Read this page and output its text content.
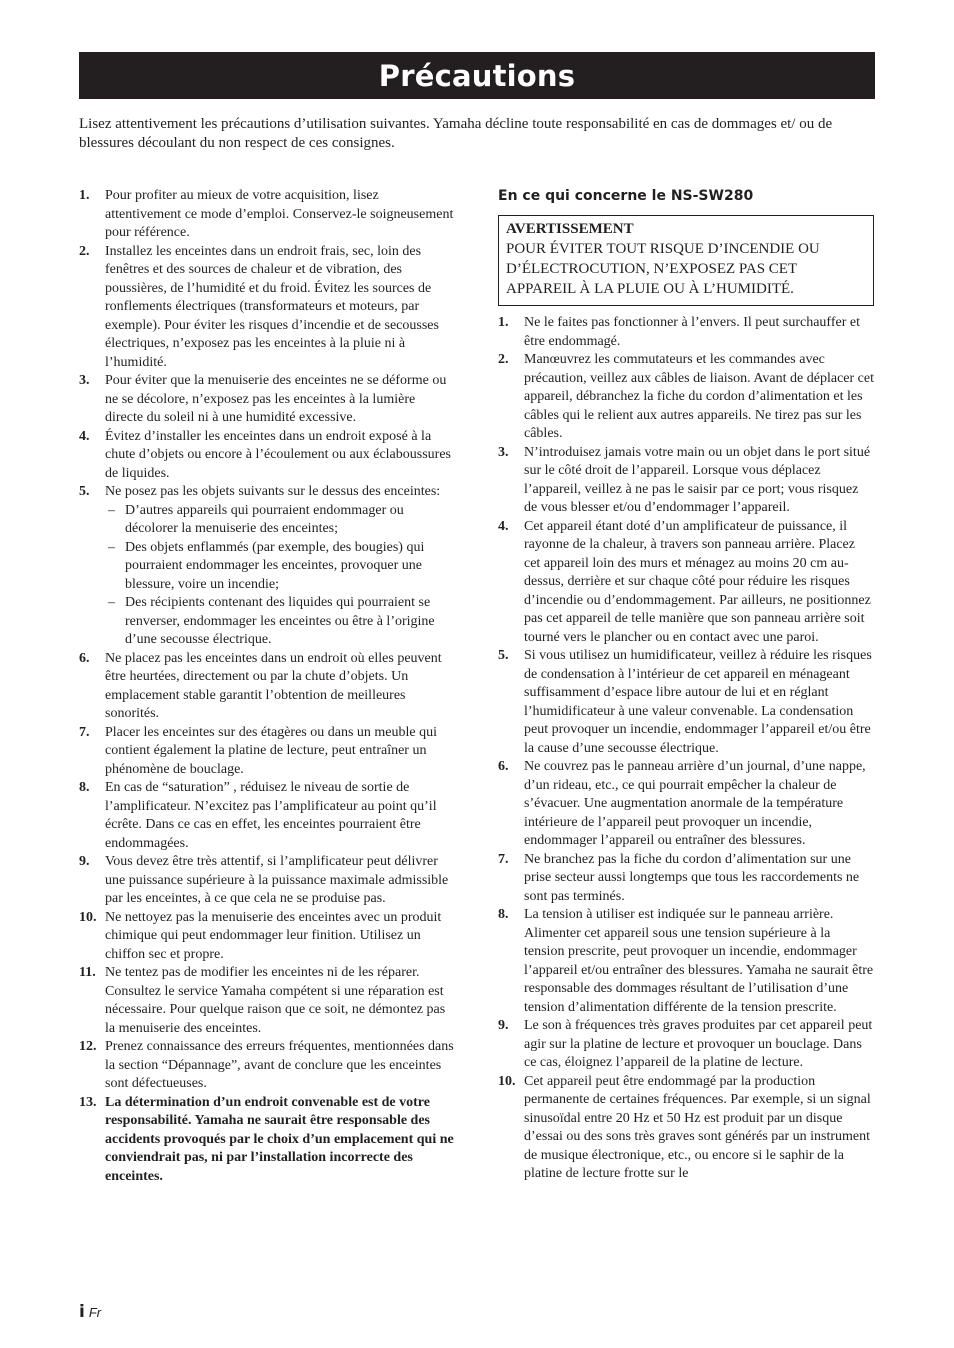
Précautions

Lisez attentivement les précautions d’utilisation suivantes. Yamaha décline toute responsabilité en cas de dommages et/ ou de blessures découlant du non respect de ces consignes.

1. Pour profiter au mieux de votre acquisition, lisez attentivement ce mode d’emploi. Conservez-le soigneusement pour référence.
2. Installez les enceintes dans un endroit frais, sec, loin des fenêtres et des sources de chaleur et de vibration, des poussières, de l’humidité et du froid. Évitez les sources de ronflements électriques (transformateurs et moteurs, par exemple). Pour éviter les risques d’incendie et de secousses électriques, n’exposez pas les enceintes à la pluie ni à l’humidité.
3. Pour éviter que la menuiserie des enceintes ne se déforme ou ne se décolore, n’exposez pas les enceintes à la lumière directe du soleil ni à une humidité excessive.
4. Évitez d’installer les enceintes dans un endroit exposé à la chute d’objets ou encore à l’écoulement ou aux éclaboussures de liquides.
5. Ne posez pas les objets suivants sur le dessus des enceintes:
– D’autres appareils qui pourraient endommager ou décolorer la menuiserie des enceintes;
– Des objets enflammés (par exemple, des bougies) qui pourraient endommager les enceintes, provoquer une blessure, voire un incendie;
– Des récipients contenant des liquides qui pourraient se renverser, endommager les enceintes ou être à l’origine d’une secousse électrique.
6. Ne placez pas les enceintes dans un endroit où elles peuvent être heurtées, directement ou par la chute d’objets. Un emplacement stable garantit l’obtention de meilleures sonorités.
7. Placer les enceintes sur des étagères ou dans un meuble qui contient également la platine de lecture, peut entraîner un phénomène de bouclage.
8. En cas de “saturation” , réduisez le niveau de sortie de l’amplificateur. N’excitez pas l’amplificateur au point qu’il écrête. Dans ce cas en effet, les enceintes pourraient être endommagées.
9. Vous devez être très attentif, si l’amplificateur peut délivrer une puissance supérieure à la puissance maximale admissible par les enceintes, à ce que cela ne se produise pas.
10. Ne nettoyez pas la menuiserie des enceintes avec un produit chimique qui peut endommager leur finition. Utilisez un chiffon sec et propre.
11. Ne tentez pas de modifier les enceintes ni de les réparer. Consultez le service Yamaha compétent si une réparation est nécessaire. Pour quelque raison que ce soit, ne démontez pas la menuiserie des enceintes.
12. Prenez connaissance des erreurs fréquentes, mentionnées dans la section “Dépannage”, avant de conclure que les enceintes sont défectueuses.
13. La détermination d’un endroit convenable est de votre responsabilité. Yamaha ne saurait être responsable des accidents provoqués par le choix d’un emplacement qui ne conviendrait pas, ni par l’installation incorrecte des enceintes.
En ce qui concerne le NS-SW280
AVERTISSEMENT
POUR ÉVITER TOUT RISQUE D’INCENDIE OU D’ÉLECTROCUTION, N’EXPOSEZ PAS CET APPAREIL À LA PLUIE OU À L’HUMIDITÉ.
1. Ne le faites pas fonctionner à l’envers. Il peut surchauffer et être endommagé.
2. Manœuvrez les commutateurs et les commandes avec précaution, veillez aux câbles de liaison. Avant de déplacer cet appareil, débranchez la fiche du cordon d’alimentation et les câbles qui le relient aux autres appareils. Ne tirez pas sur les câbles.
3. N’introduisez jamais votre main ou un objet dans le port situé sur le côté droit de l’appareil. Lorsque vous déplacez l’appareil, veillez à ne pas le saisir par ce port; vous risquez de vous blesser et/ou d’endommager l’appareil.
4. Cet appareil étant doté d’un amplificateur de puissance, il rayonne de la chaleur, à travers son panneau arrière. Placez cet appareil loin des murs et ménagez au moins 20 cm au-dessus, derrière et sur chaque côté pour réduire les risques d’incendie ou d’endommagement. Par ailleurs, ne positionnez pas cet appareil de telle manière que son panneau arrière soit tourné vers le plancher ou en contact avec une paroi.
5. Si vous utilisez un humidificateur, veillez à réduire les risques de condensation à l’intérieur de cet appareil en ménageant suffisamment d’espace libre autour de lui et en réglant l’humidificateur à une valeur convenable. La condensation peut provoquer un incendie, endommager l’appareil et/ou être la cause d’une secousse électrique.
6. Ne couvrez pas le panneau arrière d’un journal, d’une nappe, d’un rideau, etc., ce qui pourrait empêcher la chaleur de s’évacuer. Une augmentation anormale de la température intérieure de l’appareil peut provoquer un incendie, endommager l’appareil ou entraîner des blessures.
7. Ne branchez pas la fiche du cordon d’alimentation sur une prise secteur aussi longtemps que tous les raccordements ne sont pas terminés.
8. La tension à utiliser est indiquée sur le panneau arrière. Alimenter cet appareil sous une tension supérieure à la tension prescrite, peut provoquer un incendie, endommager l’appareil et/ou entraîner des blessures. Yamaha ne saurait être responsable des dommages résultant de l’utilisation d’une tension d’alimentation différente de la tension prescrite.
9. Le son à fréquences très graves produites par cet appareil peut agir sur la platine de lecture et provoquer un bouclage. Dans ce cas, éloignez l’appareil de la platine de lecture.
10. Cet appareil peut être endommagé par la production permanente de certaines fréquences. Par exemple, si un signal sinusoïdal entre 20 Hz et 50 Hz est produit par un disque d’essai ou des sons très graves sont générés par un instrument de musique électronique, etc., ou encore si le saphir de la platine de lecture frotte sur le
i Fr
